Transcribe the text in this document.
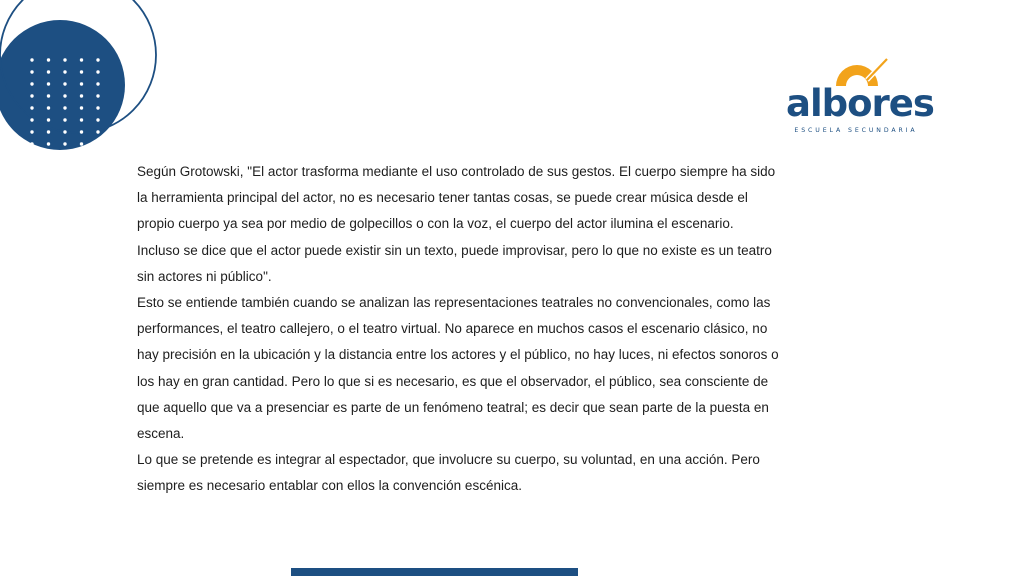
albores
ESCUELA SECUNDARIA

Según Grotowski, "El actor trasforma mediante el uso controlado de sus gestos. El cuerpo siempre ha sido la herramienta principal del actor, no es necesario tener tantas cosas, se puede crear música desde el propio cuerpo ya sea por medio de golpecillos o con la voz, el cuerpo del actor ilumina el escenario.

Incluso se dice que el actor puede existir sin un texto, puede improvisar, pero lo que no existe es un teatro sin actores ni público".

Esto se entiende también cuando se analizan las representaciones teatrales no convencionales, como las performances, el teatro callejero, o el teatro virtual. No aparece en muchos casos el escenario clásico, no hay precisión en la ubicación y la distancia entre los actores y el público, no hay luces, ni efectos sonoros o los hay en gran cantidad. Pero lo que si es necesario, es que el observador, el público, sea consciente de que aquello que va a presenciar es parte de un fenómeno teatral; es decir que sean parte de la puesta en escena.

Lo que se pretende es integrar al espectador, que involucre su cuerpo, su voluntad, en una acción. Pero siempre es necesario entablar con ellos la convención escénica.
